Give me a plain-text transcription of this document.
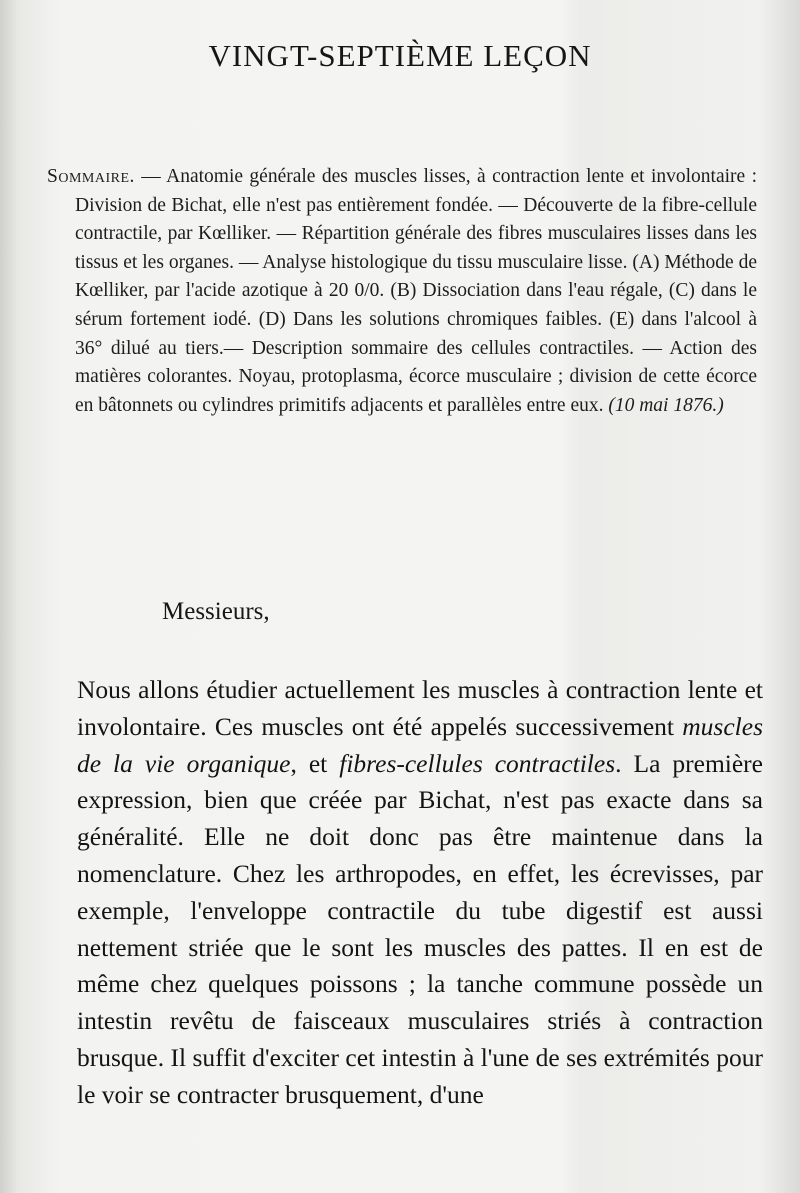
VINGT-SEPTIÈME LEÇON
Sommaire. — Anatomie générale des muscles lisses, à contraction lente et involontaire : Division de Bichat, elle n'est pas entièrement fondée. — Découverte de la fibre-cellule contractile, par Kœlliker. — Répartition générale des fibres musculaires lisses dans les tissus et les organes. — Analyse histologique du tissu musculaire lisse. (A) Méthode de Kœlliker, par l'acide azotique à 20 0/0. (B) Dissociation dans l'eau régale, (C) dans le sérum fortement iodé. (D) Dans les solutions chromiques faibles. (E) dans l'alcool à 36° dilué au tiers.— Description sommaire des cellules contractiles. — Action des matières colorantes. Noyau, protoplasma, écorce musculaire ; division de cette écorce en bâtonnets ou cylindres primitifs adjacents et parallèles entre eux. (10 mai 1876.)
Messieurs,

Nous allons étudier actuellement les muscles à contraction lente et involontaire. Ces muscles ont été appelés successivement muscles de la vie organique, et fibres-cellules contractiles. La première expression, bien que créée par Bichat, n'est pas exacte dans sa généralité. Elle ne doit donc pas être maintenue dans la nomenclature. Chez les arthropodes, en effet, les écrevisses, par exemple, l'enveloppe contractile du tube digestif est aussi nettement striée que le sont les muscles des pattes. Il en est de même chez quelques poissons ; la tanche commune possède un intestin revêtu de faisceaux musculaires striés à contraction brusque. Il suffit d'exciter cet intestin à l'une de ses extrémités pour le voir se contracter brusquement, d'une
